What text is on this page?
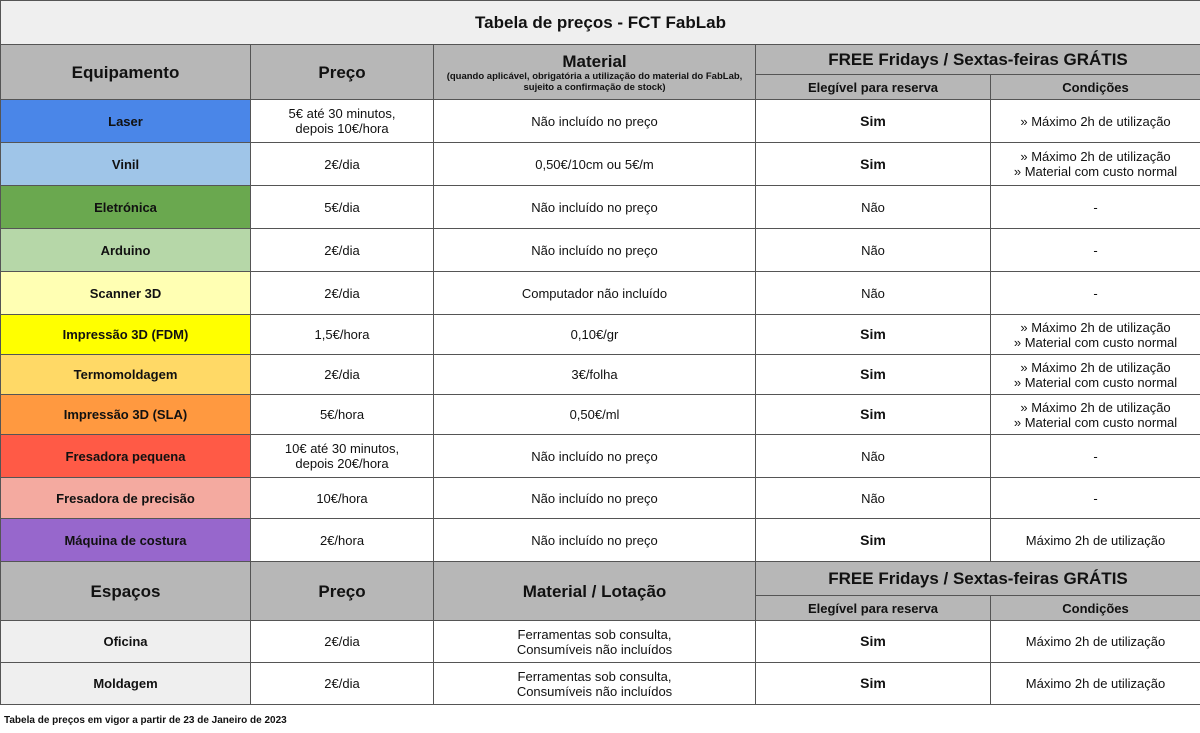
Tabela de preços - FCT FabLab				
Equipamento	Preço	Material
(quando aplicável, obrigatória a utilização do material do FabLab, sujeito a confirmação de stock)	FREE Fridays / Sextas-feiras GRÁTIS	
			Elegível para reserva	Condições
Laser	5€ até 30 minutos,
depois 10€/hora	Não incluído no preço	Sim	» Máximo 2h de utilização

Vinil	2€/dia	0,50€/10cm ou 5€/m	Sim	» Máximo 2h de utilização
» Material com custo normal

Eletrónica	5€/dia	Não incluído no preço	Não	-

Arduino	2€/dia	Não incluído no preço	Não	-

Scanner 3D	2€/dia	Computador não incluído	Não	-

Impressão 3D (FDM)	1,5€/hora	0,10€/gr	Sim	» Máximo 2h de utilização
» Material com custo normal

Termomoldagem	2€/dia	3€/folha	Sim	» Máximo 2h de utilização
» Material com custo normal

Impressão 3D (SLA)	5€/hora	0,50€/ml	Sim	» Máximo 2h de utilização
» Material com custo normal

Fresadora pequena	10€ até 30 minutos,
depois 20€/hora	Não incluído no preço	Não	-

Fresadora de precisão	10€/hora	Não incluído no preço	Não	-

Máquina de costura	2€/hora	Não incluído no preço	Sim	Máximo 2h de utilização

Espaços	Preço	Material / Lotação	FREE Fridays / Sextas-feiras GRÁTIS	
			Elegível para reserva	Condições
Oficina	2€/dia	Ferramentas sob consulta,
Consumíveis não incluídos	Sim	Máximo 2h de utilização
Moldagem	2€/dia	Ferramentas sob consulta,
Consumíveis não incluídos	Sim	Máximo 2h de utilização
Tabela de preços em vigor a partir de 23 de Janeiro de 2023
